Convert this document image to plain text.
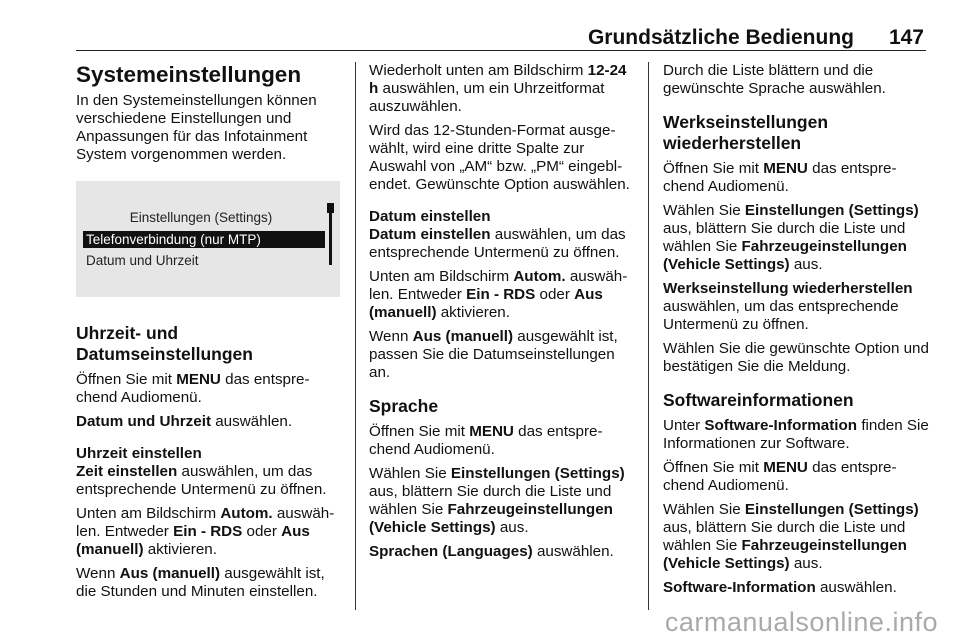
Grundsätzliche Bedienung 147
Systemeinstellungen

In den Systemeinstellungen können verschiedene Einstellungen und Anpassungen für das Infotainment System vorgenommen werden.

Einstellungen (Settings)
Telefonverbindung (nur MTP)
Datum und Uhrzeit
Uhrzeit- und
Datumseinstellungen

Öffnen Sie mit MENU das entsprechend Audiomenü.

Datum und Uhrzeit auswählen.

Uhrzeit einstellen

Zeit einstellen auswählen, um das entsprechende Untermenü zu öffnen.

Unten am Bildschirm Autom. auswählen. Entweder Ein - RDS oder Aus (manuell) aktivieren.

Wenn Aus (manuell) ausgewählt ist, die Stunden und Minuten einstellen.

Wiederholt unten am Bildschirm 12-24 h auswählen, um ein Uhrzeitformat auszuwählen.

Wird das 12-Stunden-Format ausgewählt, wird eine dritte Spalte zur Auswahl von „AM“ bzw. „PM“ eingeblendet. Gewünschte Option auswählen.

Datum einstellen

Datum einstellen auswählen, um das entsprechende Untermenü zu öffnen.

Unten am Bildschirm Autom. auswählen. Entweder Ein - RDS oder Aus (manuell) aktivieren.

Wenn Aus (manuell) ausgewählt ist, passen Sie die Datumseinstellungen an.

Sprache

Öffnen Sie mit MENU das entsprechend Audiomenü.

Wählen Sie Einstellungen (Settings) aus, blättern Sie durch die Liste und wählen Sie Fahrzeugeinstellungen (Vehicle Settings) aus.

Sprachen (Languages) auswählen.

Durch die Liste blättern und die gewünschte Sprache auswählen.

Werkseinstellungen
wiederherstellen

Öffnen Sie mit MENU das entsprechend Audiomenü.

Wählen Sie Einstellungen (Settings) aus, blättern Sie durch die Liste und wählen Sie Fahrzeugeinstellungen (Vehicle Settings) aus.

Werkseinstellung wiederherstellen auswählen, um das entsprechende Untermenü zu öffnen.

Wählen Sie die gewünschte Option und bestätigen Sie die Meldung.

Softwareinformationen

Unter Software-Information finden Sie Informationen zur Software.

Öffnen Sie mit MENU das entsprechend Audiomenü.

Wählen Sie Einstellungen (Settings) aus, blättern Sie durch die Liste und wählen Sie Fahrzeugeinstellungen (Vehicle Settings) aus.

Software-Information auswählen.

carmanualsonline.info
